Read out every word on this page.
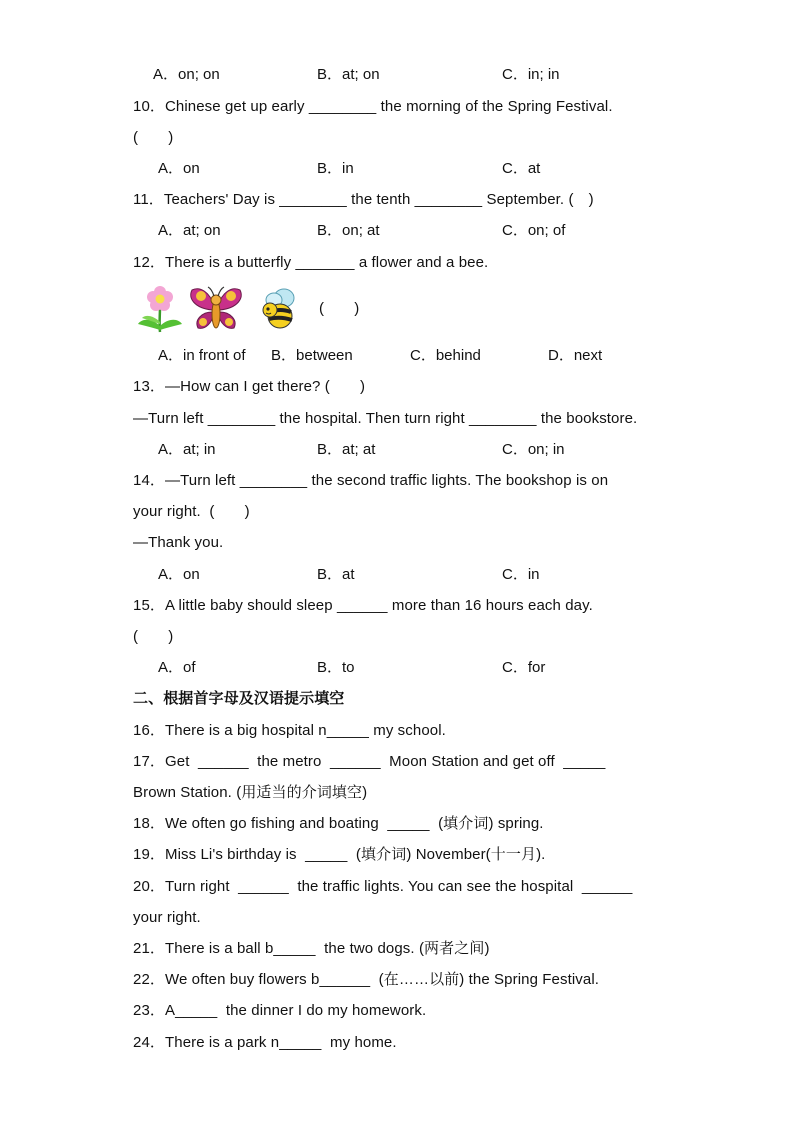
A．on; on	B．at; on	C．in; in
10．Chinese get up early ________ the morning of the Spring Festival.
(　　)
A．on	B．in	C．at
11．Teachers' Day is ________ the tenth ________ September. (　)
A．at; on	B．on; at	C．on; of
12．There is a butterfly _______ a flower and a bee.
(　　)
A．in front of B．between	C．behind	D．next
13．—How can I get there? (　　)
—Turn left ________ the hospital. Then turn right ________ the bookstore.
A．at; in	B．at; at	C．on; in
14．—Turn left ________ the second traffic lights. The bookshop is on
your right.  (　　)
—Thank you.
A．on	B．at	C．in
15．A little baby should sleep ______ more than 16 hours each day.
(　　)
A．of	B．to	C．for
二、根据首字母及汉语提示填空
16．There is a big hospital n_____ my school.
17．Get  ______  the metro  ______  Moon Station and get off  _____
Brown Station. (用适当的介词填空)
18．We often go fishing and boating  _____  (填介词) spring.
19．Miss Li's birthday is  _____  (填介词) November(十一月).
20．Turn right  ______  the traffic lights. You can see the hospital  ______
your right.
21．There is a ball b_____  the two dogs. (两者之间)
22．We often buy flowers b______  (在……以前) the Spring Festival.
23．A_____  the dinner I do my homework.
24．There is a park n_____  my home.
